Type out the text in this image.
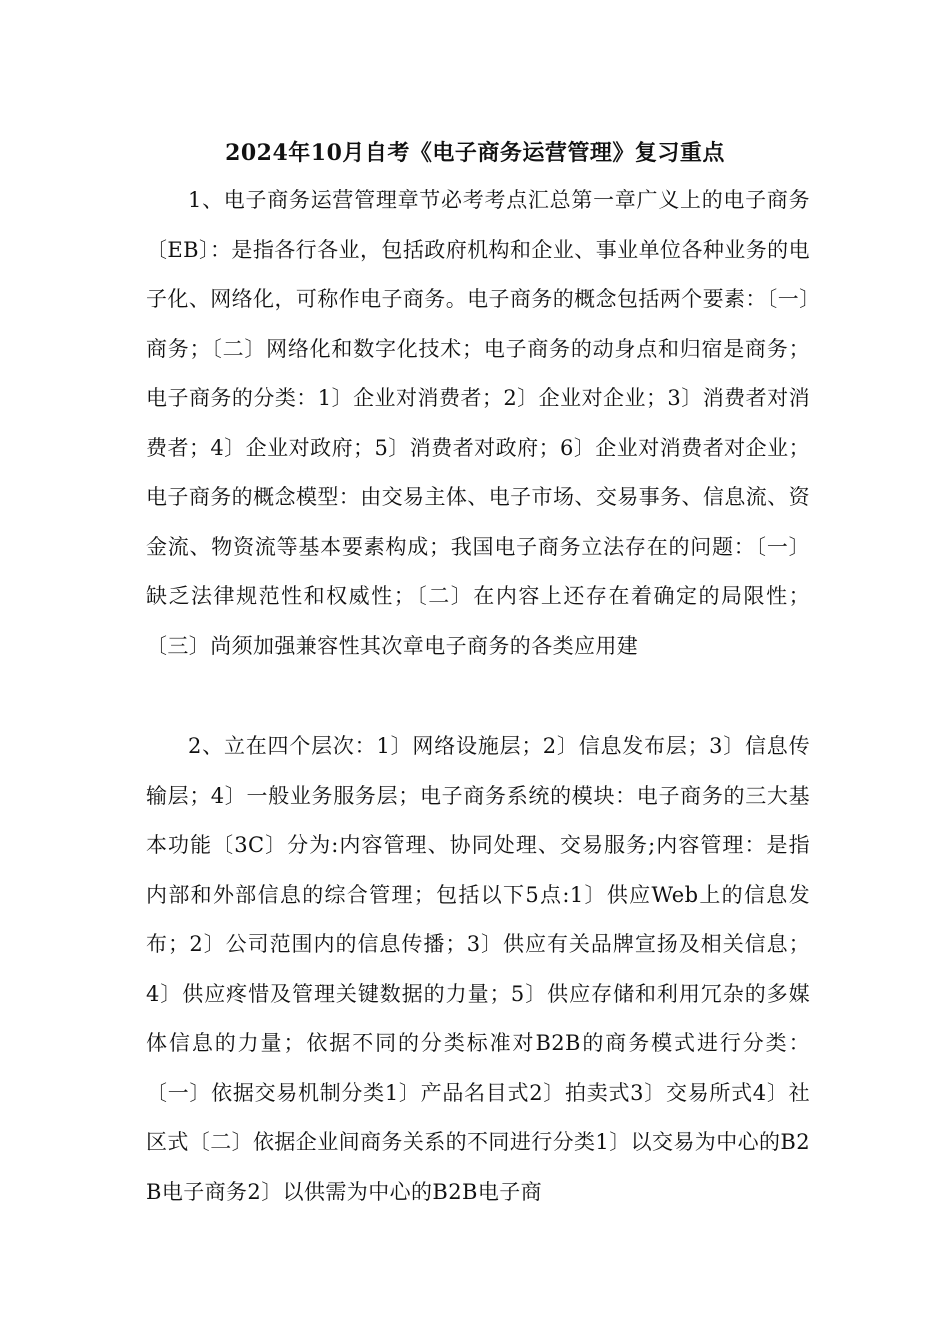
2024年10月自考《电子商务运营管理》复习重点

1、电子商务运营管理章节必考考点汇总第一章广义上的电子商务〔EB〕：是指各行各业，包括政府机构和企业、事业单位各种业务的电子化、网络化，可称作电子商务。电子商务的概念包括两个要素：〔一〕商务；〔二〕网络化和数字化技术；电子商务的动身点和归宿是商务；电子商务的分类：1〕企业对消费者；2〕企业对企业；3〕消费者对消费者；4〕企业对政府；5〕消费者对政府；6〕企业对消费者对企业；电子商务的概念模型：由交易主体、电子市场、交易事务、信息流、资金流、物资流等基本要素构成；我国电子商务立法存在的问题：〔一〕缺乏法律规范性和权威性；〔二〕在内容上还存在着确定的局限性；〔三〕尚须加强兼容性其次章电子商务的各类应用建

2、立在四个层次：1〕网络设施层；2〕信息发布层；3〕信息传输层；4〕一般业务服务层；电子商务系统的模块：电子商务的三大基本功能〔3C〕分为:内容管理、协同处理、交易服务;内容管理：是指内部和外部信息的综合管理；包括以下5点:1〕供应Web上的信息发布；2〕公司范围内的信息传播；3〕供应有关品牌宣扬及相关信息；4〕供应疼惜及管理关键数据的力量；5〕供应存储和利用冗杂的多媒体信息的力量；依据不同的分类标准对B2B的商务模式进行分类：〔一〕依据交易机制分类1〕产品名目式2〕拍卖式3〕交易所式4〕社区式〔二〕依据企业间商务关系的不同进行分类1〕以交易为中心的B2B电子商务2〕以供需为中心的B2B电子商
